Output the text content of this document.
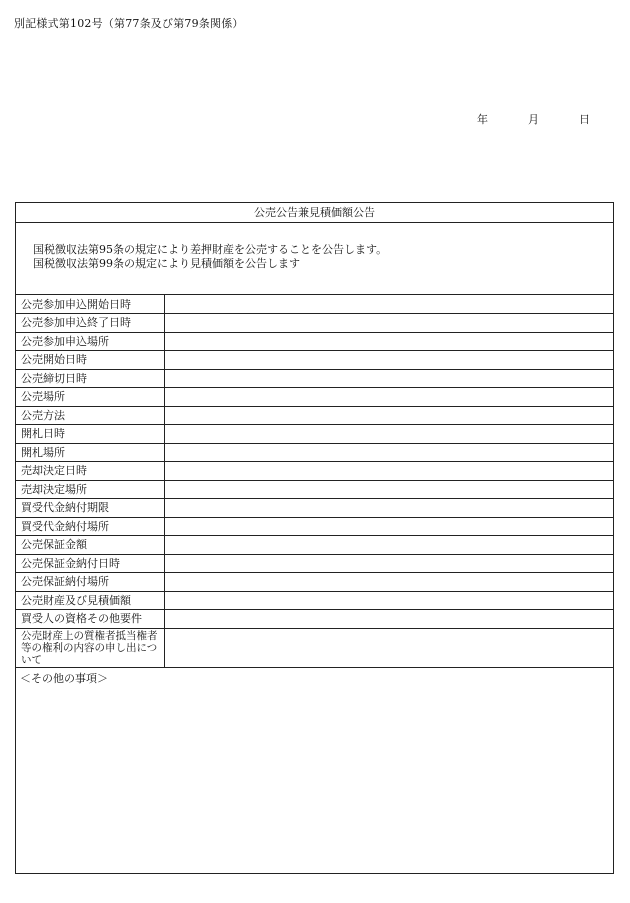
別記様式第102号（第77条及び第79条関係）
年	月	日
公売公告兼見積価額公告
国税徴収法第95条の規定により差押財産を公売することを公告します。
国税徴収法第99条の規定により見積価額を公告します
公売参加申込開始日時	
公売参加申込終了日時	
公売参加申込場所	
公売開始日時	
公売締切日時	
公売場所	
公売方法	
開札日時	
開札場所	
売却決定日時	
売却決定場所	
買受代金納付期限	
買受代金納付場所	
公売保証金額	
公売保証金納付日時	
公売保証納付場所	
公売財産及び見積価額	
買受人の資格その他要件	
公売財産上の質権者抵当権者等の権利の内容の申し出について	
＜その他の事項＞
